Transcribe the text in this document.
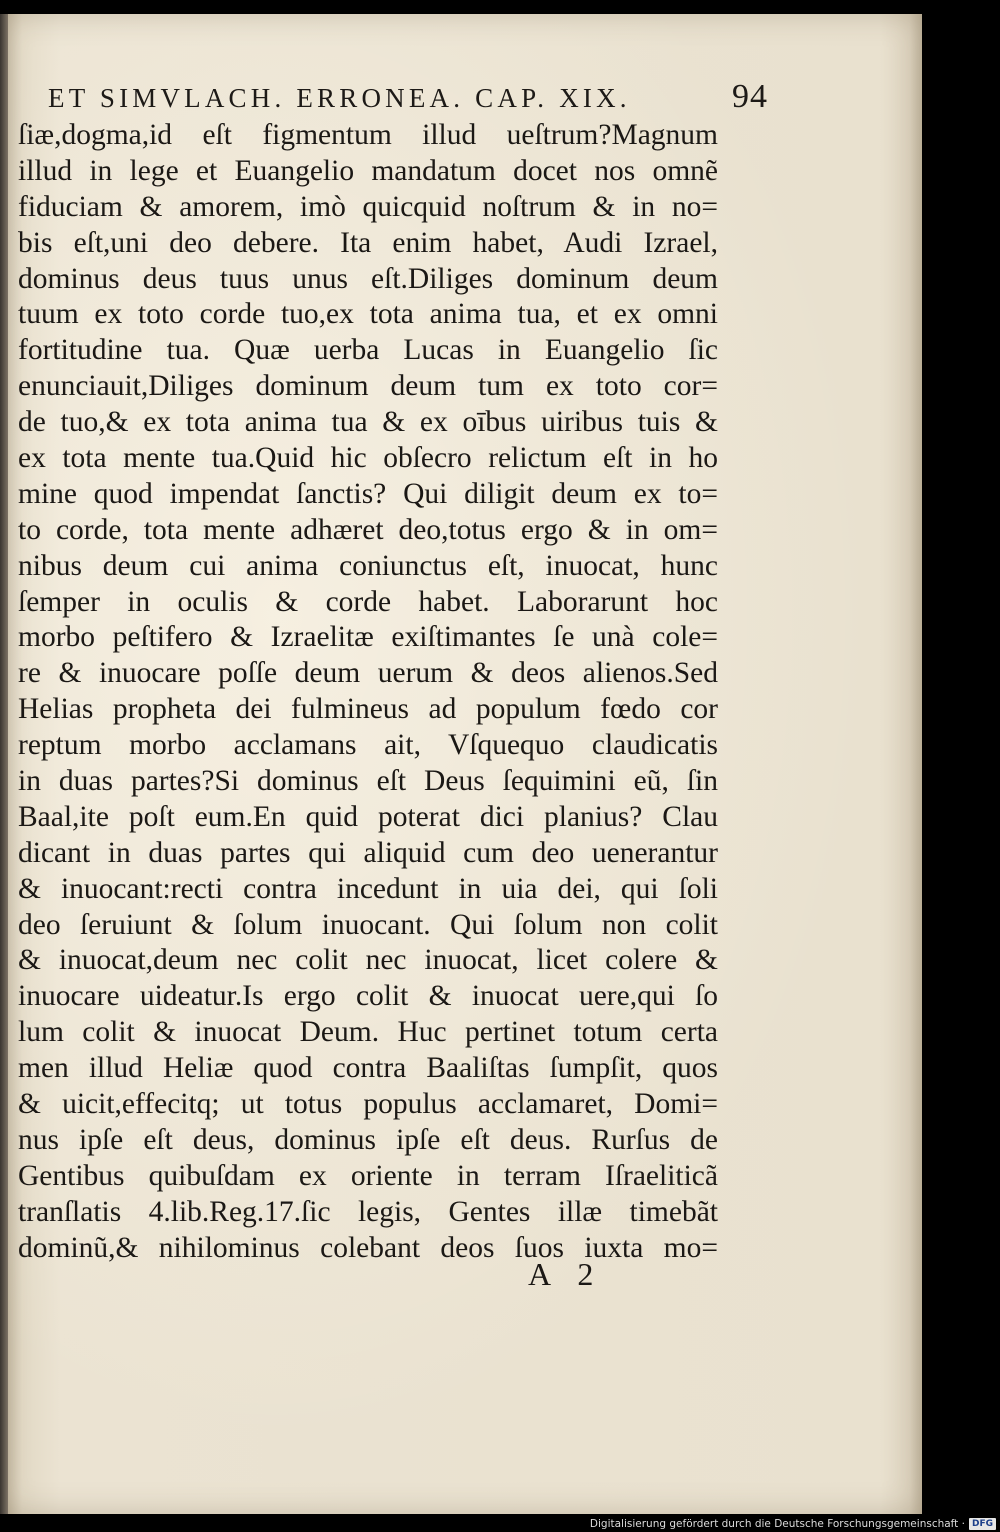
ET SIMVLACH. ERRONEA. CAP. XIX.	94
ſiæ,dogma,id eſt figmentum illud ueſtrum?Magnum
illud in lege et Euangelio mandatum docet nos omnẽ
fiduciam & amorem, imò quicquid noſtrum & in no=
bis eſt,uni deo debere. Ita enim habet, Audi Izrael,
dominus deus tuus unus eſt.Diliges dominum deum
tuum ex toto corde tuo,ex tota anima tua, et ex omni
fortitudine tua. Quæ uerba Lucas in Euangelio ſic
enunciauit,Diliges dominum deum tum ex toto cor=
de tuo,& ex tota anima tua & ex oībus uiribus tuis &
ex tota mente tua.Quid hic obſecro relictum eſt in ho
mine quod impendat ſanctis? Qui diligit deum ex to=
to corde, tota mente adhæret deo,totus ergo & in om=
nibus deum cui anima coniunctus eſt, inuocat, hunc
ſemper in oculis & corde habet. Laborarunt hoc
morbo peſtifero & Izraelitæ exiſtimantes ſe unà cole=
re & inuocare poſſe deum uerum & deos alienos.Sed
Helias propheta dei fulmineus ad populum fœdo cor
reptum morbo acclamans ait, Vſquequo claudicatis
in duas partes?Si dominus eſt Deus ſequimini eũ, ſin
Baal,ite poſt eum.En quid poterat dici planius? Clau
dicant in duas partes qui aliquid cum deo uenerantur
& inuocant:recti contra incedunt in uia dei, qui ſoli
deo ſeruiunt & ſolum inuocant. Qui ſolum non colit
& inuocat,deum nec colit nec inuocat, licet colere &
inuocare uideatur.Is ergo colit & inuocat uere,qui ſo
lum colit & inuocat Deum. Huc pertinet totum certa
men illud Heliæ quod contra Baaliſtas ſumpſit, quos
& uicit,effecitq; ut totus populus acclamaret, Domi=
nus ipſe eſt deus, dominus ipſe eſt deus. Rurſus de
Gentibus quibuſdam ex oriente in terram Iſraeliticã
tranſlatis 4.lib.Reg.17.ſic legis, Gentes illæ timebãt
dominũ,& nihilominus colebant deos ſuos iuxta mo=
A 2
Digitalisierung gefördert durch die Deutsche Forschungsgemeinschaft · DFG
